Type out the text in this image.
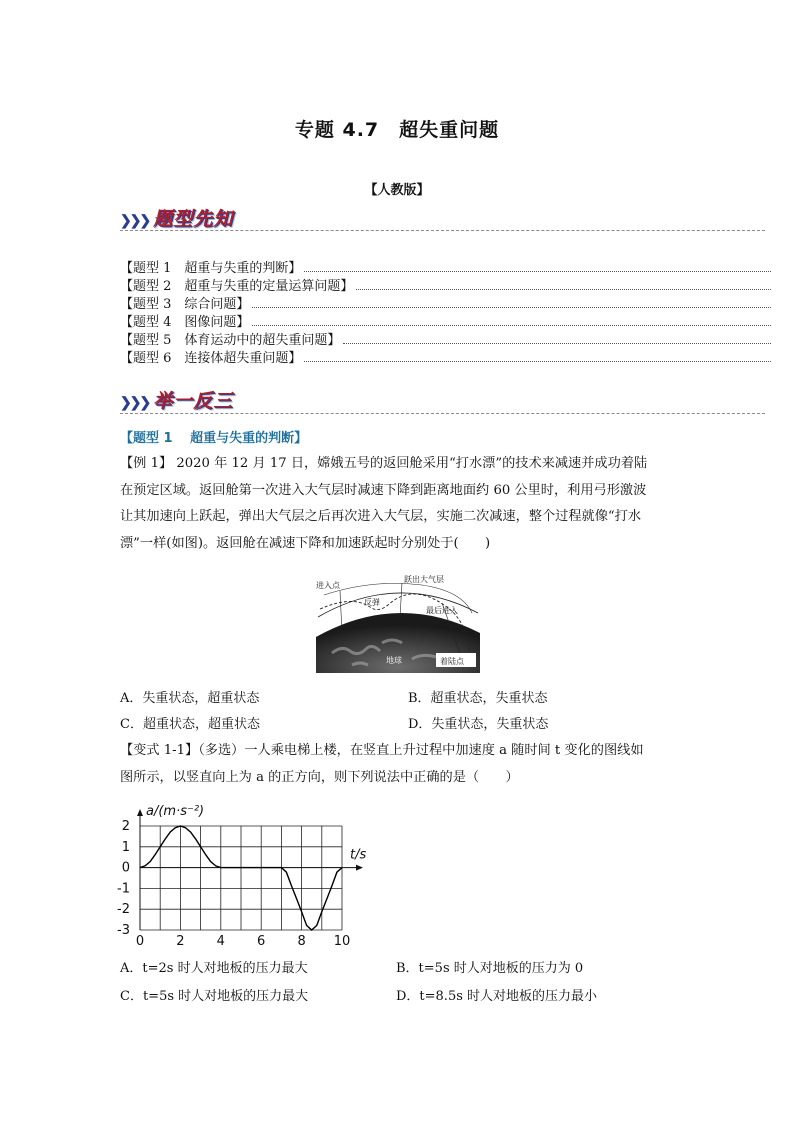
专题 4.7　超失重问题
【人教版】
❯❯❯ 题型先知
【题型 1　超重与失重的判断】
【题型 2　超重与失重的定量运算问题】
【题型 3　综合问题】
【题型 4　图像问题】
【题型 5　体育运动中的超失重问题】
【题型 6　连接体超失重问题】
❯❯❯ 举一反三
【题型 1　 超重与失重的判断】
【例 1】 2020 年 12 月 17 日，嫦娥五号的返回舱采用“打水漂”的技术来减速并成功着陆
在预定区域。返回舱第一次进入大气层时减速下降到距离地面约 60 公里时，利用弓形激波
让其加速向上跃起，弹出大气层之后再次进入大气层，实施二次减速，整个过程就像“打水
漂”一样(如图)。返回舱在减速下降和加速跃起时分别处于(　　)
进入点
跃出大气层
反弹
最后进入
地球	着陆点
A．失重状态，超重状态	B．超重状态，失重状态
C．超重状态，超重状态	D．失重状态，失重状态
【变式 1-1】（多选）一人乘电梯上楼，在竖直上升过程中加速度 a 随时间 t 变化的图线如
图所示，以竖直向上为 a 的正方向，则下列说法中正确的是（　　）
2
1
0
-1
-2
-3
0 2 4 6 8 10
a/(m·s⁻²)
t/s
A．t=2s 时人对地板的压力最大	B．t=5s 时人对地板的压力为 0
C．t=5s 时人对地板的压力最大	D．t=8.5s 时人对地板的压力最小
